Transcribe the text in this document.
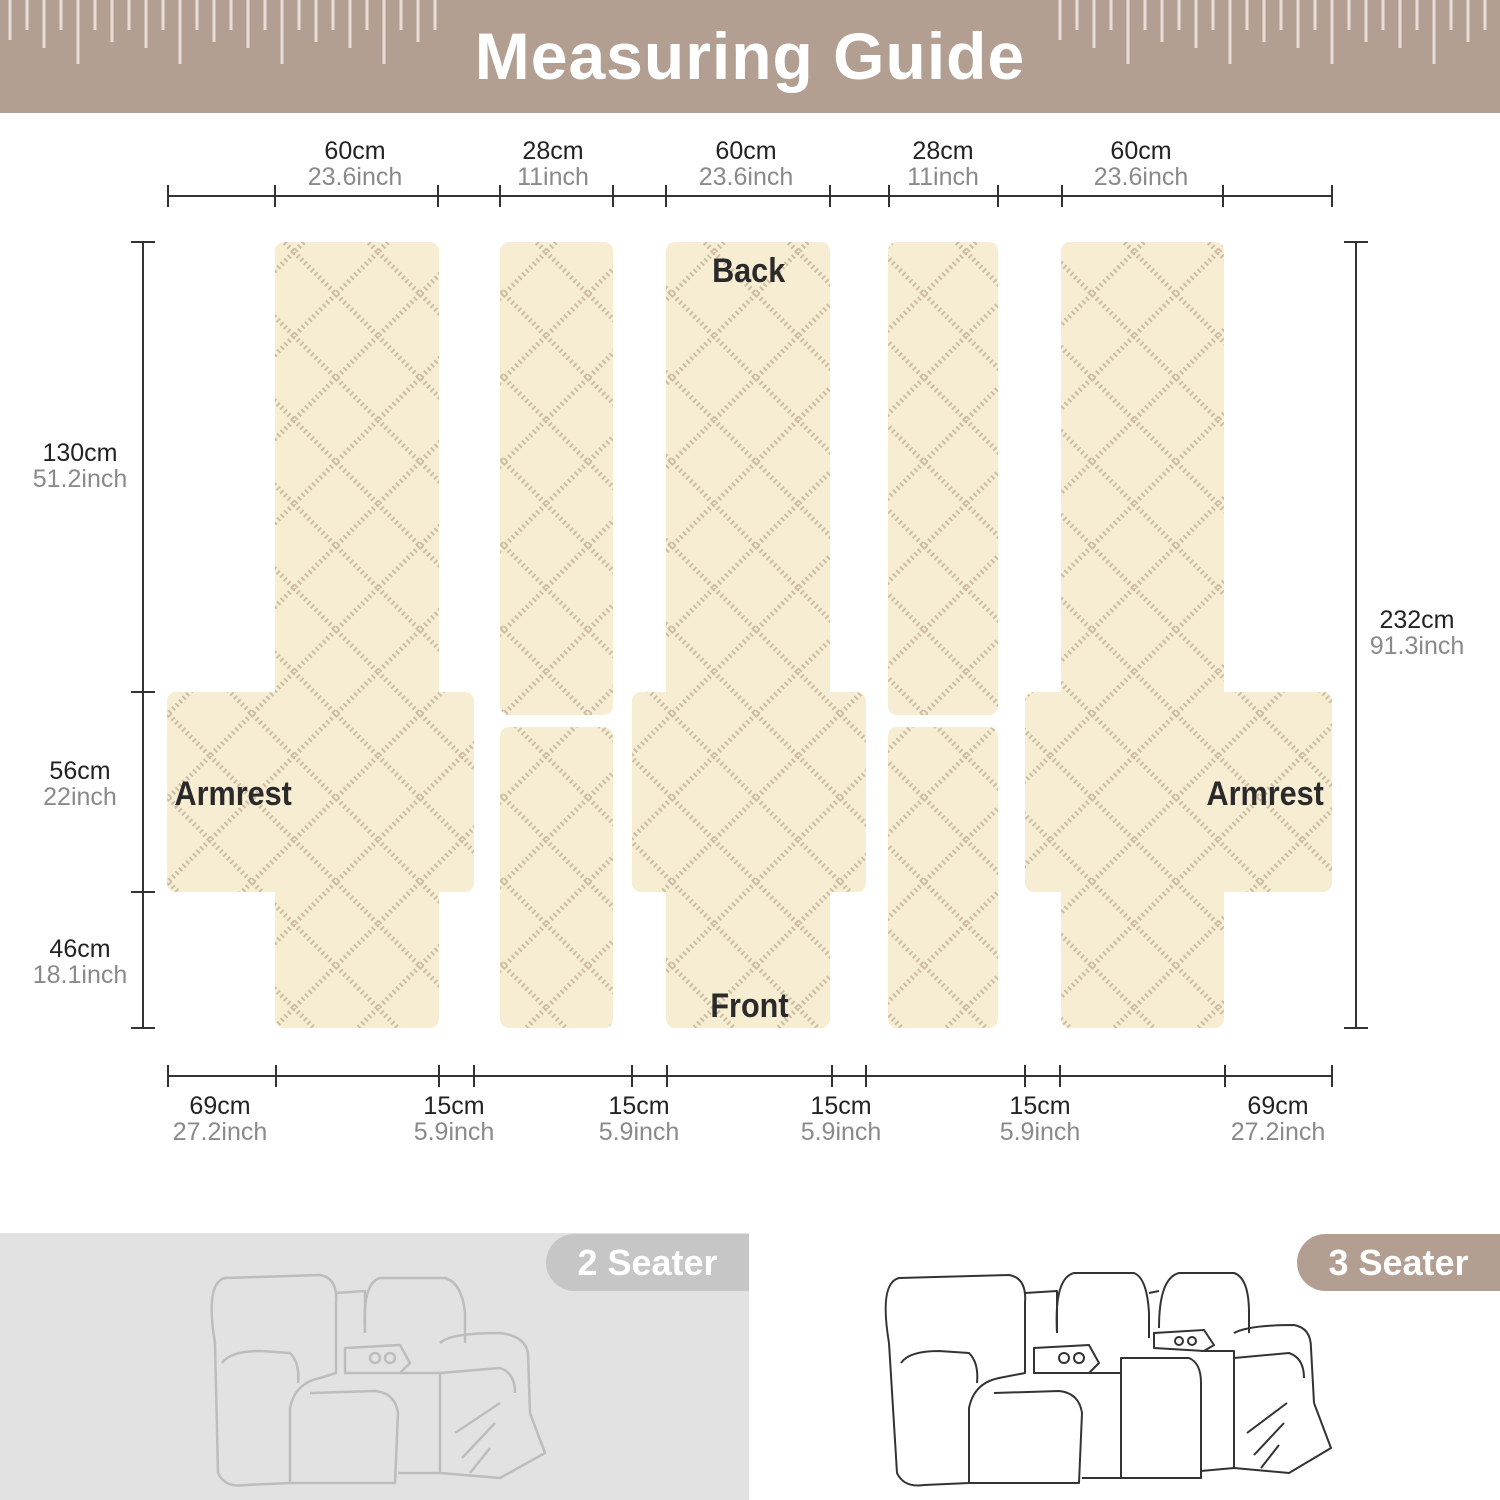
Measuring Guide
60cm
23.6inch
28cm
11inch
60cm
23.6inch
28cm
11inch
60cm
23.6inch
130cm
51.2inch
56cm
22inch
46cm
18.1inch
232cm
91.3inch
69cm
27.2inch
15cm
5.9inch
15cm
5.9inch
15cm
5.9inch
15cm
5.9inch
69cm
27.2inch
Back
Front
Armrest	Armrest
2 Seater	3 Seater
